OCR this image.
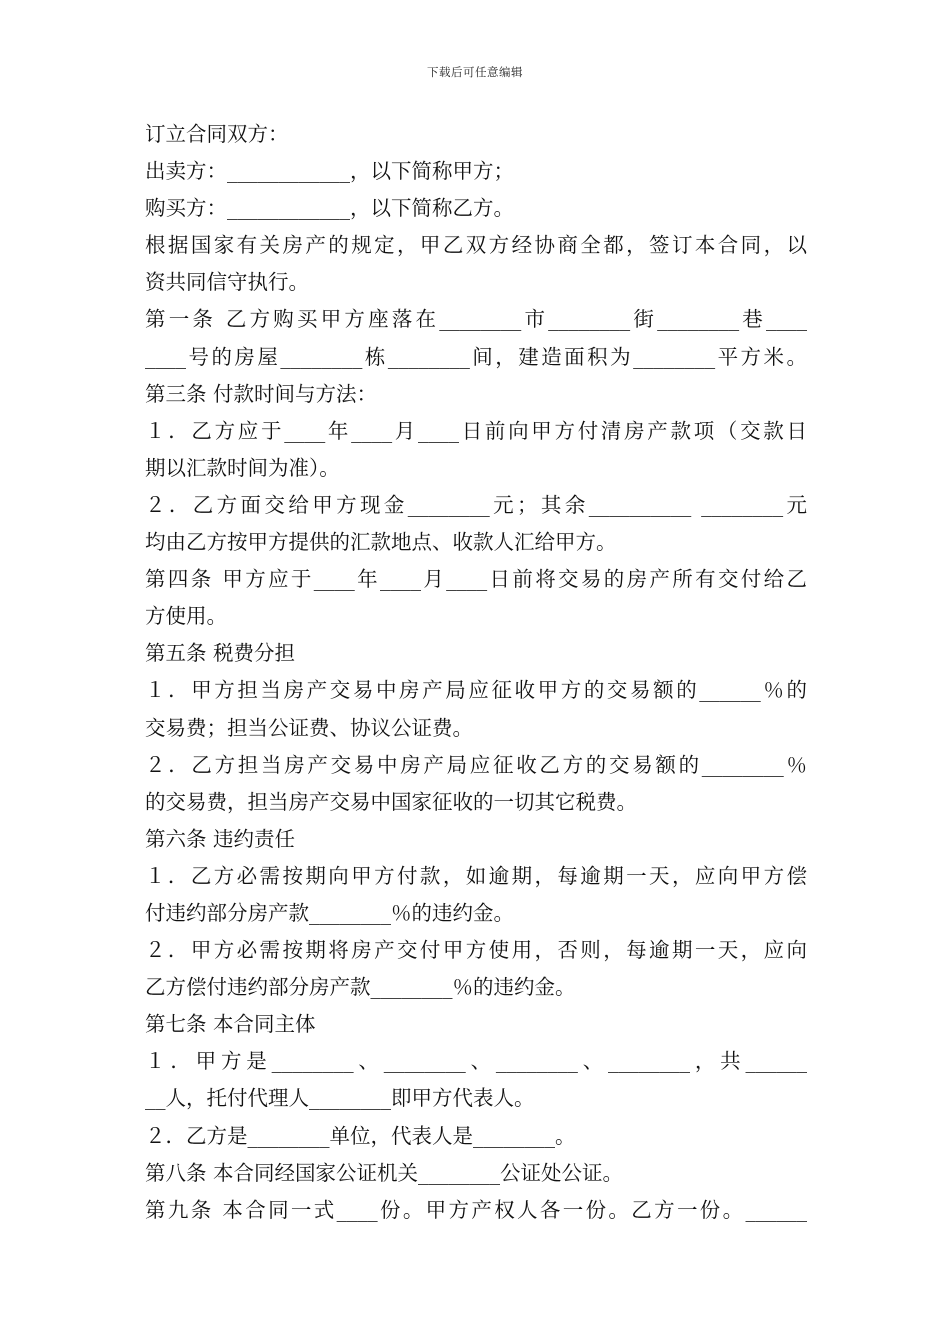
下载后可任意编辑
订立合同双方：
出卖方：____________，以下简称甲方；
购买方：____________，以下简称乙方。
根据国家有关房产的规定，甲乙双方经协商全都，签订本合同，以
资共同信守执行。
第一条 乙方购买甲方座落在________市________街________巷____
____号的房屋________栋________间，建造面积为________平方米。
第三条 付款时间与方法：
１．乙方应于____年____月____日前向甲方付清房产款项（交款日
期以汇款时间为准）。
２．乙方面交给甲方现金________元；其余__________ ________元
均由乙方按甲方提供的汇款地点、收款人汇给甲方。
第四条 甲方应于____年____月____日前将交易的房产所有交付给乙
方使用。
第五条 税费分担
１．甲方担当房产交易中房产局应征收甲方的交易额的______％的
交易费；担当公证费、协议公证费。
２．乙方担当房产交易中房产局应征收乙方的交易额的________％
的交易费，担当房产交易中国家征收的一切其它税费。
第六条 违约责任
１．乙方必需按期向甲方付款，如逾期，每逾期一天，应向甲方偿
付违约部分房产款________％的违约金。
２．甲方必需按期将房产交付甲方使用，否则，每逾期一天，应向
乙方偿付违约部分房产款________％的违约金。
第七条 本合同主体
１．甲方是________、________、________、________，共______
__人，托付代理人________即甲方代表人。
２．乙方是________单位，代表人是________。
第八条 本合同经国家公证机关________公证处公证。
第九条 本合同一式____份。甲方产权人各一份。乙方一份。______
